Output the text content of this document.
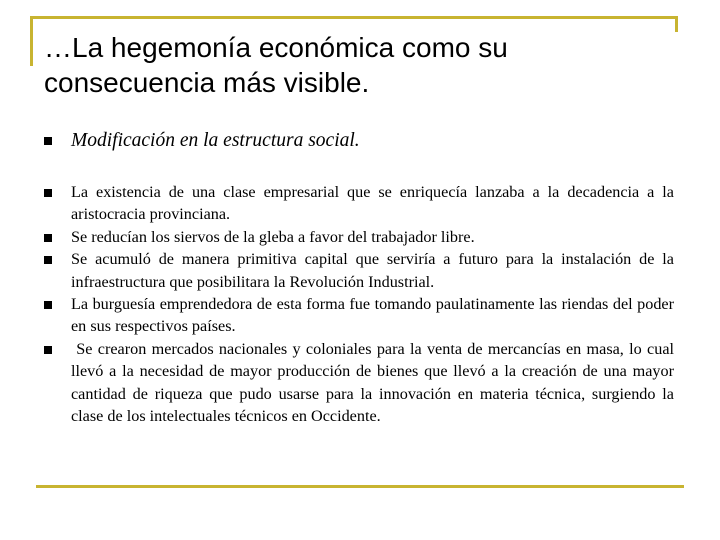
…La hegemonía económica como su consecuencia más visible.
Modificación en la estructura social.
La existencia de una clase empresarial que se enriquecía lanzaba a la decadencia a la aristocracia provinciana.
Se reducían los siervos de la gleba a favor del trabajador libre.
Se acumuló de manera primitiva capital que serviría a futuro para la instalación de la infraestructura que posibilitara la Revolución Industrial.
La burguesía emprendedora de esta forma fue tomando paulatinamente las riendas del poder en sus respectivos países.
Se crearon mercados nacionales y coloniales para la venta de mercancías en masa, lo cual llevó a la necesidad de mayor producción de bienes que llevó a la creación de una mayor cantidad de riqueza que pudo usarse para la innovación en materia técnica, surgiendo la clase de los intelectuales técnicos en Occidente.
